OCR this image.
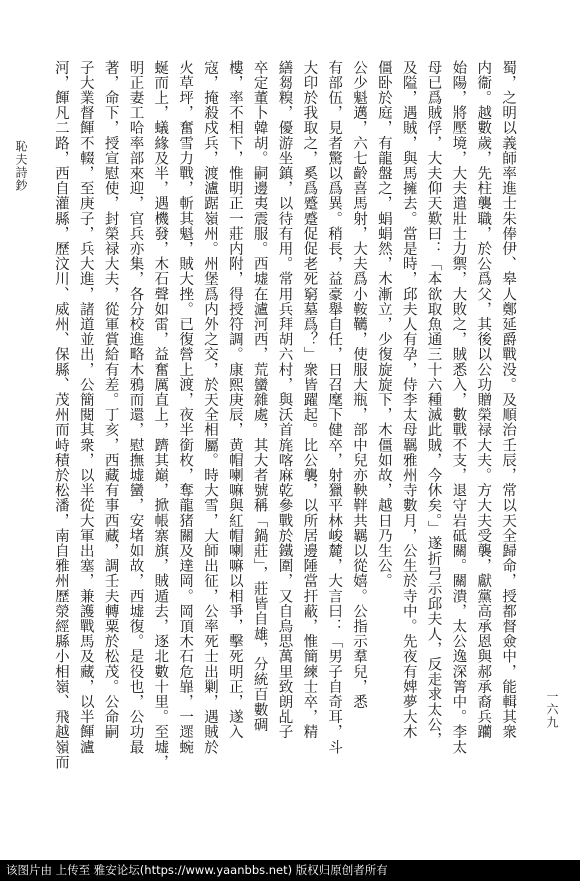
恥夫詩鈔
一六九
蜀，之明以義師率進士朱俸伊、皋人鄭延爵戰没。及順治壬辰，常以天全歸命，授都督僉中，能輯其衆
内衞。越數歲，先柱襲職，於公爲父，其後以公功贈榮禄大夫。方大夫受襲，獻黨高承恩與郝承裔兵躪
始陽，將壓境，大夫遣壯士力禦，大敗之，賊悉入，數戰不支，退守岩砥關。關潰，太公逸深箐中。李太
母已爲賊俘，大夫仰天歎曰：「本欲取魚通三十六種滅此賊，今休矣。」遂折弓示邱夫人，反走求太公，
及隘，遇賊，與馬擁去。當是時，邱夫人有孕，侍李太母羈雅州寺數月，公生於寺中。先夜有婢夢大木
僵卧於庭，有龍盤之，蜎蜎然，木漸立，少復旋旋下，木僵如故，越日乃生公。
公少魁邁，六七齡喜馬射，大夫爲小鞍韉，使服大瓶，部中兒亦鞅靽共羈以從嬉。公指示羣兒，悉
有部伍，見者驚以爲異。稍長，益豪舉自任，日召麾下健卒，射獵平林峻麓，大言曰：「男子自奇耳，斗
大印於我取之，奚爲蹙蹙促促老死窮墓爲？」衆皆躍起。比公襲，以所居邊陲當扞蔽，惟簡練士卒，精
繕芻糗，優游坐鎮，以待有用。常用兵拜胡六村，與沃首旄喀麻乾參戰於鐵圍，又自烏思萬里致朗乩子
卒定董卜韓胡。嗣邊夷震服。西墟在瀘河西，荒蠻雜處，其大者號稱「鍋莊」，莊皆自雄，分統百數碉
樓，率不相下，惟明正一莊内附，得授符調。康熙庚辰，黄帽喇嘛與紅帽喇嘛以相爭，擊死明正，遂入
寇，掩殺戍兵，渡瀘踞嶺州。州堡爲内外之交，於天全相屬。時大雪，大師出征，公率死士出剿，遇賊於
火草坪，奮雪力戰，斬其魁，賊大挫。已復營上渡，夜半銜枚，奪龍猪關及達岡。岡頂木石危㠑，一遝蜿
蜒而上，蟻緣及半，遇機發，木石聲如雷，益奮厲直上，躋其巔，掀帳寨旗，賊遁去，逐北數十里。至墟，
明正妻工哈率部來迎，官兵亦集，各分校進略木鴉而還，慰撫墟蠻，安堵如故，西墟復。是役也，公功最
著，命下，授宣慰使，封榮禄大夫，從軍賞給有差。丁亥，西藏有事西藏，調壬夫轉粟於松茂。公命嗣
子大業督餫不輟，至庚子，兵大進，諸道並出，公簡閱其衆，以半從大軍出塞，兼護戰馬及藏，以半餫瀘
河，餫凡二路，西自灌縣，歷汶川、威州、保縣、茂州而峙積於松潘，南自雅州歷滎經縣小相嶺、飛越嶺而
该图片由 上传至 雅安论坛(https://www.yaanbbs.net) 版权归原创者所有
